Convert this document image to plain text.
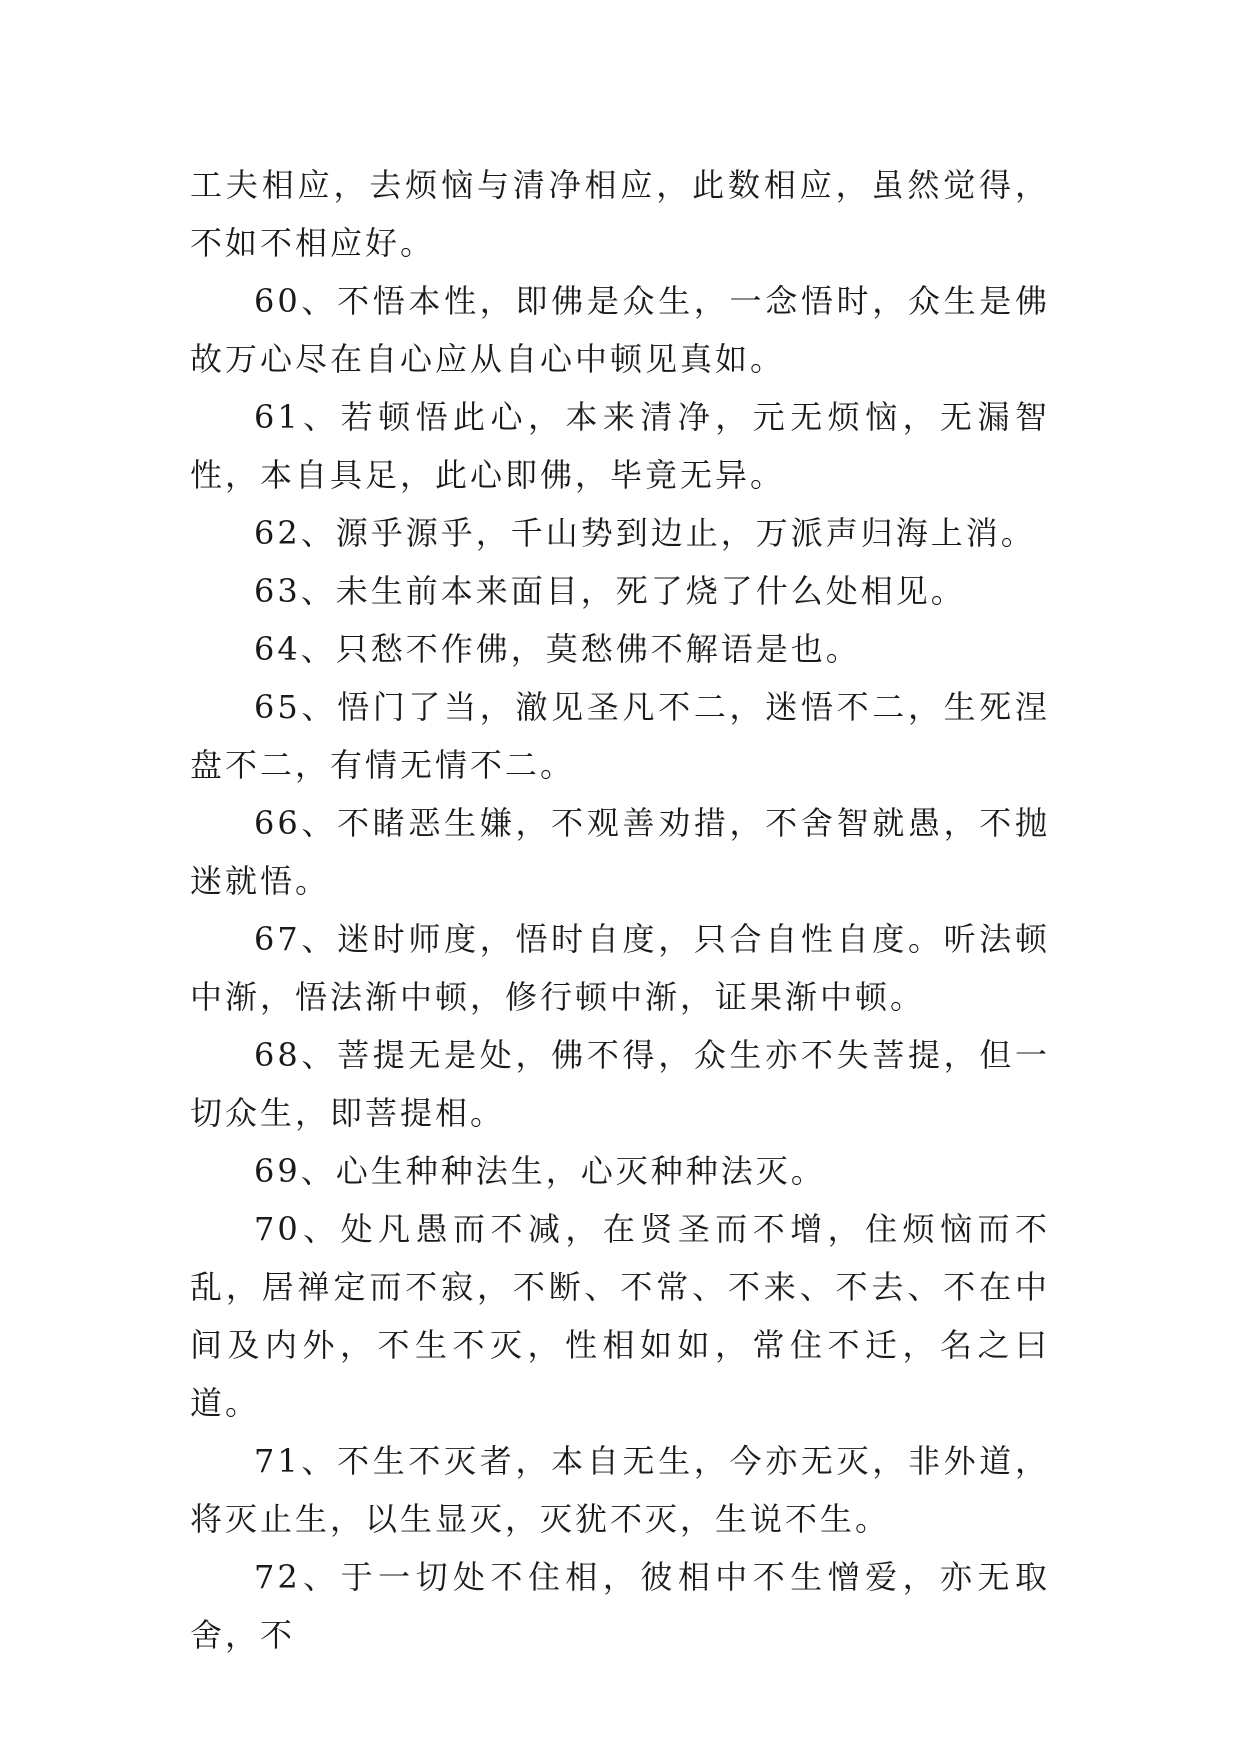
工夫相应，去烦恼与清净相应，此数相应，虽然觉得，不如不相应好。

60、不悟本性，即佛是众生，一念悟时，众生是佛故万心尽在自心应从自心中顿见真如。

61、若顿悟此心，本来清净，元无烦恼，无漏智性，本自具足，此心即佛，毕竟无异。

62、源乎源乎，千山势到边止，万派声归海上消。

63、未生前本来面目，死了烧了什么处相见。

64、只愁不作佛，莫愁佛不解语是也。

65、悟门了当，澈见圣凡不二，迷悟不二，生死涅盘不二，有情无情不二。

66、不睹恶生嫌，不观善劝措，不舍智就愚，不抛迷就悟。

67、迷时师度，悟时自度，只合自性自度。听法顿中渐，悟法渐中顿，修行顿中渐，证果渐中顿。

68、菩提无是处，佛不得，众生亦不失菩提，但一切众生，即菩提相。

69、心生种种法生，心灭种种法灭。

70、处凡愚而不减，在贤圣而不增，住烦恼而不乱，居禅定而不寂，不断、不常、不来、不去、不在中间及内外，不生不灭，性相如如，常住不迁，名之曰道。

71、不生不灭者，本自无生，今亦无灭，非外道，将灭止生，以生显灭，灭犹不灭，生说不生。

72、于一切处不住相，彼相中不生憎爱，亦无取舍，不
